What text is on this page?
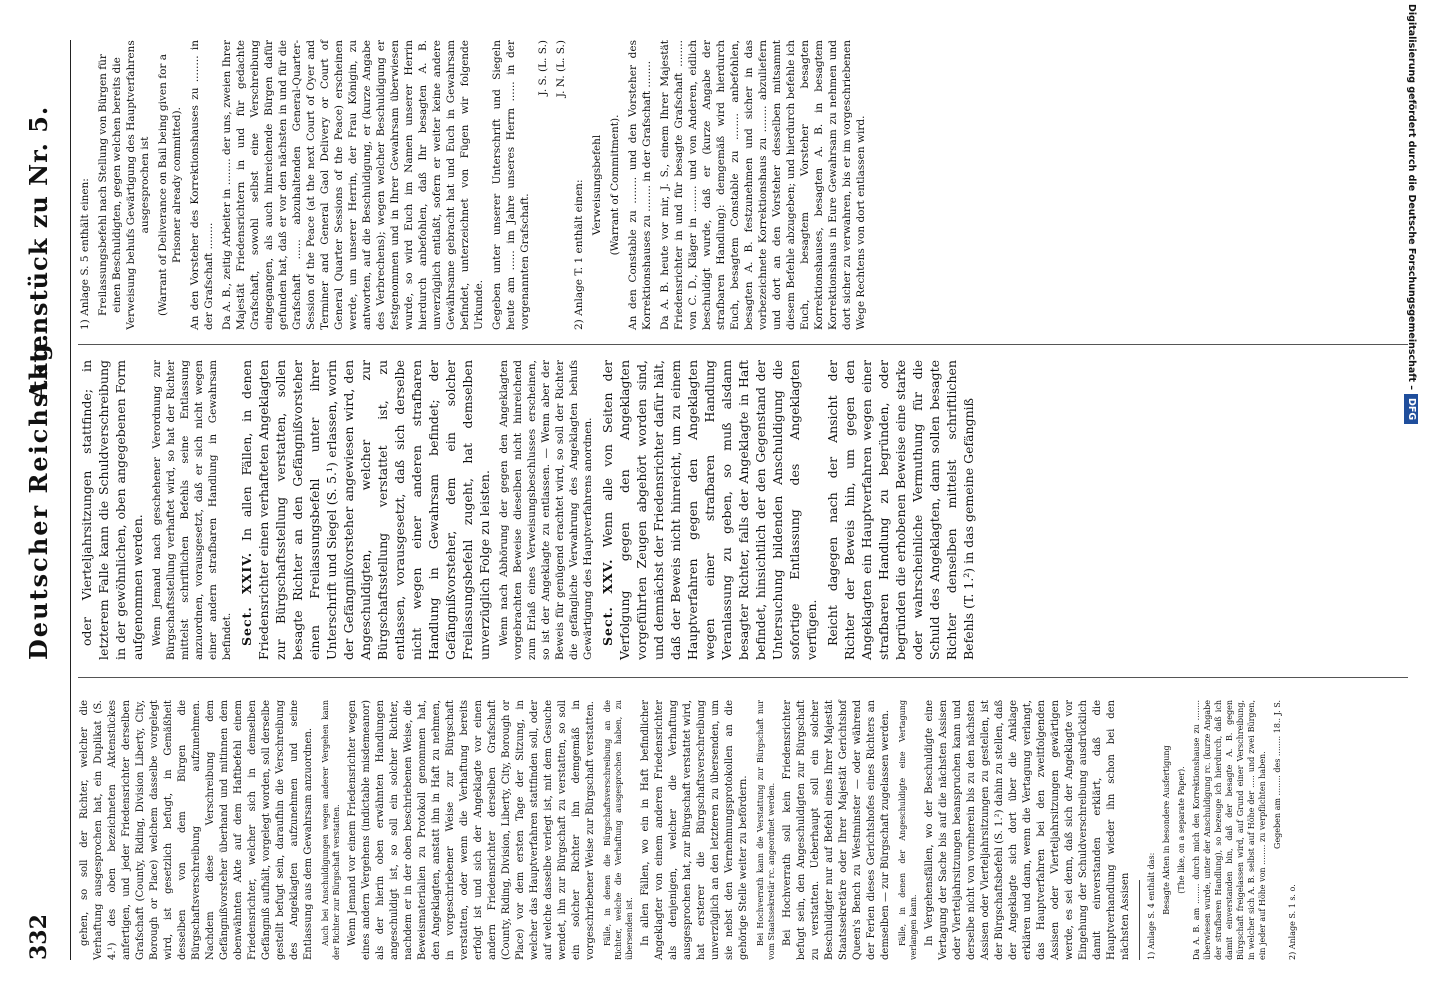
332
Deutscher Reichstag.
Aktenstück zu Nr. 5.

gehen, so soll der Richter, welcher die Verhaftung ausgesprochen hat, ein Duplikat (S. 4.¹) des oben bezeichneten Aktenstückes anfertigen, und jeder Friedensrichter derselben Grafschaft (County, Riding, Division Liberty, City, Borough or Place) welchem dasselbe vorgelegt wird, ist gesetzlich befugt, in Gemäßheit desselben von dem Bürgen die Bürgschaftsverschreibung aufzunehmen. Nachdem diese Verschreibung dem Gefängnißvorsteher überhand und mitinnen dem obenwähnten Akte auf dem Haftbefehl einem Friedensrichter, welcher sich in demselben Gefängniß aufhält, vorgelegt worden, soll derselbe gestellt befugt sein, daraufhin die Verschreibung des Angeklagten aufzunehmen und seine Entlassung aus dem Gewahrsam anzuordnen. Auch bei Anschuldigungen wegen anderer Vergehen kann der Richter zur Bürgschaft verstatten. Wenn Jemand vor einem Friedensrichter wegen eines andern Vergehens (indictable misdemeanor) als der hierin oben erwähnten Handlungen angeschuldigt ist, so soll ein solcher Richter, nachdem er in der oben beschriebenen Weise, die Beweismaterialien zu Protokoll genommen hat, den Angeklagten, anstatt ihn in Haft zu nehmen, in vorgeschriebener Weise zur Bürgschaft verstatten, oder wenn die Verhaftung bereits erfolgt ist und sich der Angeklagte vor einen andern Friedensrichter derselben Grafschaft (County, Riding, Division, Liberty, City, Borough or Place) vor dem ersten Tage der Sitzung, in welcher das Hauptverfahren stattfinden soll, oder auf welche dasselbe verlegt ist, mit dem Gesuche wendet, ihn zur Bürgschaft zu verstatten, so soll ein solcher Richter ihn demgemäß in vorgeschriebener Weise zur Bürgschaft verstatten. Fälle, in denen die Bürgschaftsverschreibung an die Richter, welche die Verhaftung ausgesprochen haben, zu übersenden ist. In allen Fällen, wo ein in Haft befindlicher Angeklagter von einem anderen Friedensrichter als denjenigen, welcher die Verhaftung ausgesprochen hat, zur Bürgschaft verstattet wird, hat ersterer die Bürgschaftsverschreibung unverzüglich an den letzteren zu übersenden, um sie nebst den Vernehmungsprotokollen an die gehörige Stelle weiter zu befördern. Bei Hochverrath kann die Verstattung zur Bürgschaft nur vom Staatssekretär rc. angeordnet werden. Bei Hochverrath soll kein Friedensrichter befugt sein, den Angeschuldigten zur Bürgschaft zu verstatten. Ueberhaupt soll ein solcher Beschuldigter nur auf Befehl eines Ihrer Majestät Staatssekretäre oder Ihrer Majestät Gerichtshof Queen's Bench zu Westminster — oder während der Ferien dieses Gerichtshofes eines Richters an demselben — zur Bürgschaft zugelassen werden. Fälle, in denen der Angeschuldigte eine Vertagung verlangen kann. In Vergehensfällen, wo der Beschuldigte eine Vertagung der Sache bis auf die nächsten Assisen oder Vierteljahrsitzungen beanspruchen kann und derselbe nicht von vornherein bis zu den nächsten Assisen oder Vierteljahrsitzungen zu gestellen, ist der Bürgschaftsbefehl (S. 1.²) dahin zu stellen, daß der Angeklagte sich dort über die Anklage erklären und dann, wenn die Vertagung verlangt, das Hauptverfahren bei den zweitfolgenden Assisen oder Vierteljahrsitzungen gewärtigen werde, es sei denn, daß sich der Angeklagte vor Eingehung der Schuldverschreibung ausdrücklich damit einverstanden erklärt, daß die Hauptverhandlung wieder ihn schon bei den nächsten Assisen 1) Anlage S. 4 enthält das: Besagte Akten in besondere Ausfertigung (The like, on a separate Paper). Da A. B. am ........ durch mich den Korrektionshause zu ........ überwiesen wurde, unter der Anschuldigung rc. (kurze Angabe der strafbaren Handlung), so bezeuge ich hierdurch, daß ich damit einverstanden bin, daß der besagte A. B. gegen Bürgschaft freigelassen wird, auf Grund einer Verschreibung, in welcher sich A. B. selbst auf Höhe der ..... und zwei Bürgen, ein jeder auf Höhe von ........ zu verpflichten haben. Gegeben am ........ des ........ 18.. J. S.

2) Anlage S. 1 s. o.

oder Vierteljahrsitzungen stattfinde; in letzterem Falle kann die Schuldverschreibung in der gewöhnlichen, oben angegebenen Form aufgenommen werden. Wenn Jemand nach geschehener Verordnung zur Bürgschaftsstellung verhaftet wird, so hat der Richter mittelst schriftlichen Befehls seine Entlassung anzuordnen, vorausgesetzt, daß er sich nicht wegen einer andern strafbaren Handlung in Gewahrsam befindet. Sect. XXIV. In allen Fällen, in denen Friedensrichter einen verhafteten Angeklagten zur Bürgschaftsstellung verstatten, sollen besagte Richter an den Gefängnißvorsteher einen Freilassungsbefehl unter ihrer Unterschrift und Siegel (S. 5.¹) erlassen, worin der Gefängnißvorsteher angewiesen wird, den Angeschuldigten, welcher zur Bürgschaftsstellung verstattet ist, zu entlassen, vorausgesetzt, daß sich derselbe nicht wegen einer anderen strafbaren Handlung in Gewahrsam befindet; der Gefängnißvorsteher, dem ein solcher Freilassungsbefehl zugeht, hat demselben unverzüglich Folge zu leisten. Wenn nach Abhörung der gegen den Angeklagten vorgebrachten Beweise dieselben nicht hinreichend zum Erlaß eines Verweisungsbeschlusses erscheinen, so ist der Angeklagte zu entlassen. — Wenn aber der Beweis für genügend erachtet wird, so soll der Richter die gefängliche Verwahrung des Angeklagten behufs Gewärtigung des Hauptverfahrens anordnen. Sect. XXV. Wenn alle von Seiten der Verfolgung gegen den Angeklagten vorgeführten Zeugen abgehört worden sind, und demnächst der Friedensrichter dafür hält, daß der Beweis nicht hinreicht, um zu einem Hauptverfahren gegen den Angeklagten wegen einer strafbaren Handlung Veranlassung zu geben, so muß alsdann besagter Richter, falls der Angeklagte in Haft befindet, hinsichtlich der den Gegenstand der Untersuchung bildenden Anschuldigung die sofortige Entlassung des Angeklagten verfügen. Reicht dagegen nach der Ansicht der Richter der Beweis hin, um gegen den Angeklagten ein Hauptverfahren wegen einer strafbaren Handlung zu begründen, oder begründen die erhobenen Beweise eine starke oder wahrscheinliche Vermuthung für die Schuld des Angeklagten, dann sollen besagte Richter denselben mittelst schriftlichen Befehls (T. 1.²) in das gemeine Gefängniß

1) Anlage S. 5 enthält einen: Freilassungsbefehl nach Stellung von Bürgen für einen Beschuldigten, gegen welchen bereits die Verweisung behufs Gewärtigung des Hauptverfahrens ausgesprochen ist (Warrant of Deliverance on Bail being given for a Prisoner already committed). An den Vorsteher des Korrektionshauses zu ........ in der Grafschaft ........ Da A. B., zeitig Arbeiter in ........ der uns, zweien Ihrer Majestät Friedensrichtern in und für gedachte Grafschaft, sowohl selbst eine Verschreibung eingegangen, als auch hinreichende Bürgen dafür gefunden hat, daß er vor den nächsten in und für die Grafschaft ...... abzuhaltenden General-Quarter-Session of the Peace (at the next Court of Oyer and Terminer and General Gaol Delivery or Court of General Quarter Sessions of the Peace) erscheinen werde, um unserer Herrin, der Frau Königin, zu antworten, auf die Beschuldigung, er (kurze Angabe des Verbrechens); wegen welcher Beschuldigung er festgenommen und in Ihrer Gewahrsam überwiesen wurde, so wird Euch im Namen unserer Herrin hierdurch anbefohlen, daß Ihr besagten A. B. unverzüglich entlaßt, sofern er weiter keine andere Gewährsame gebracht hat und Euch in Gewahrsam befindet, unterzeichnet von Fügen wir folgende Urkunde. Gegeben unter unserer Unterschrift und Siegeln heute am ...... im Jahre unseres Herrn ...... in der vorgenannten Grafschaft.

J. S. (L. S.) J. N. (L. S.)

2) Anlage T. 1 enthält einen: Verweisungsbefehl (Warrant of Commitment). An den Constable zu ........ und den Vorsteher des Korrektionshauses zu ........ in der Grafschaft ........ Da A. B. heute vor mir, J. S., einem Ihrer Majestät Friedensrichter in und für besagte Grafschaft ........ von C. D., Kläger in ........ und von Anderen, eidlich beschuldigt wurde, daß er (kurze Angabe der strafbaren Handlung): demgemäß wird hierdurch Euch, besagtem Constable zu ........ anbefohlen, besagten A. B. festzunehmen und sicher in das vorbezeichnete Korrektionshaus zu ........ abzuliefern und dort an den Vorsteher desselben mitsammt diesem Befehle abzugeben; und hierdurch befehle ich Euch, besagtem Vorsteher besagten Korrektionshauses, besagten A. B. in besagtem Korrektionshaus in Eure Gewahrsam zu nehmen und dort sicher zu verwahren, bis er im vorgeschriebenen Wege Rechtens von dort entlassen wird.	Digitalisierung gefördert durch die Deutsche Forschungsgemeinschaft –DFG
